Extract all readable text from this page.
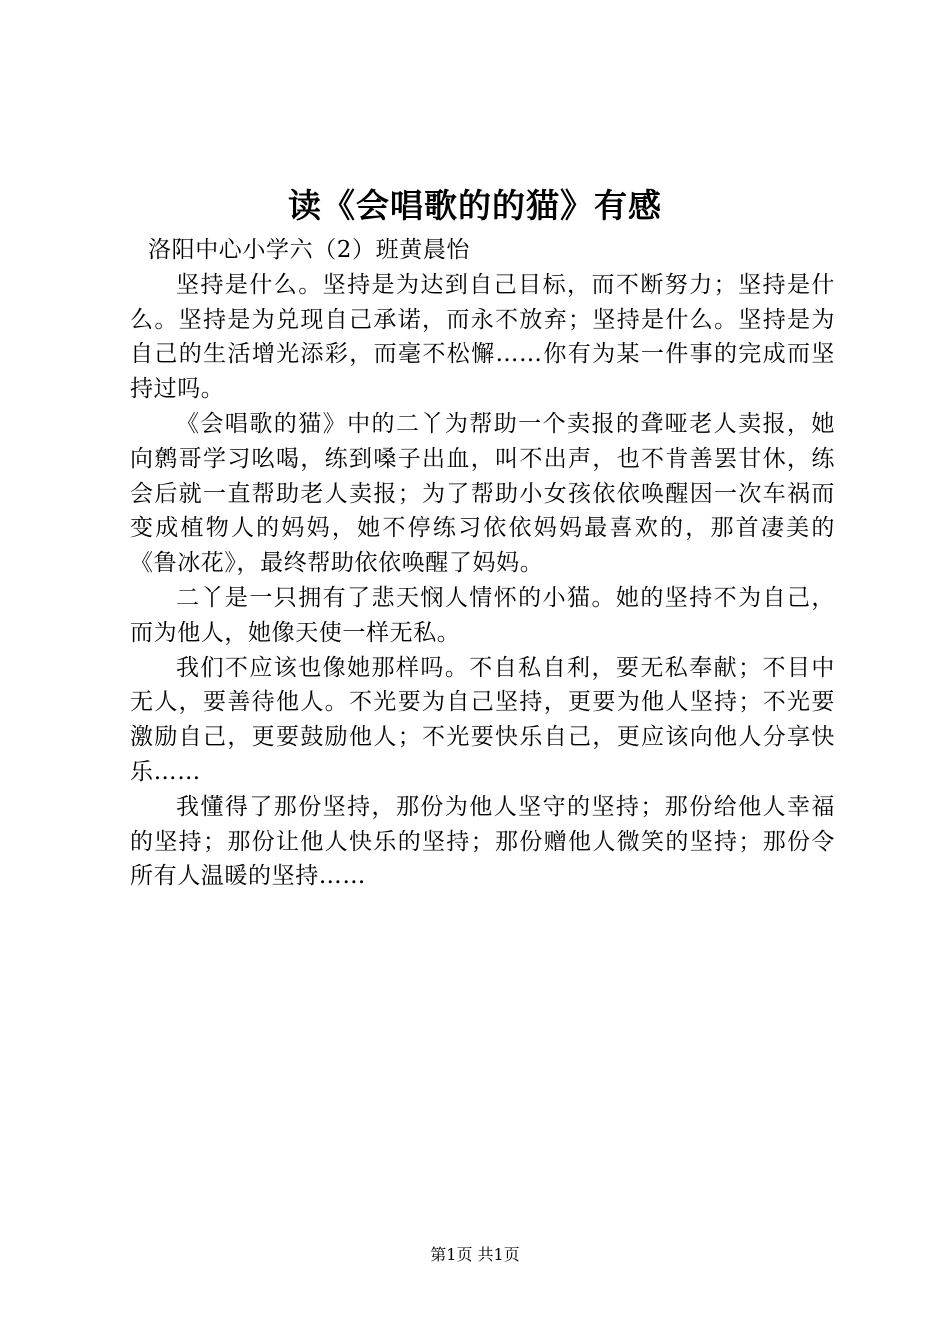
读《会唱歌的的猫》有感

洛阳中心小学六（2）班黄晨怡

坚持是什么。坚持是为达到自己目标，而不断努力；坚持是什么。坚持是为兑现自己承诺，而永不放弃；坚持是什么。坚持是为自己的生活增光添彩，而毫不松懈……你有为某一件事的完成而坚持过吗。

《会唱歌的猫》中的二丫为帮助一个卖报的聋哑老人卖报，她向鹩哥学习吆喝，练到嗓子出血，叫不出声，也不肯善罢甘休，练会后就一直帮助老人卖报；为了帮助小女孩依依唤醒因一次车祸而变成植物人的妈妈，她不停练习依依妈妈最喜欢的，那首凄美的《鲁冰花》，最终帮助依依唤醒了妈妈。

二丫是一只拥有了悲天悯人情怀的小猫。她的坚持不为自己，而为他人，她像天使一样无私。

我们不应该也像她那样吗。不自私自利，要无私奉献；不目中无人，要善待他人。不光要为自己坚持，更要为他人坚持；不光要激励自己，更要鼓励他人；不光要快乐自己，更应该向他人分享快乐……

我懂得了那份坚持，那份为他人坚守的坚持；那份给他人幸福的坚持；那份让他人快乐的坚持；那份赠他人微笑的坚持；那份令所有人温暖的坚持……

第1页 共1页
